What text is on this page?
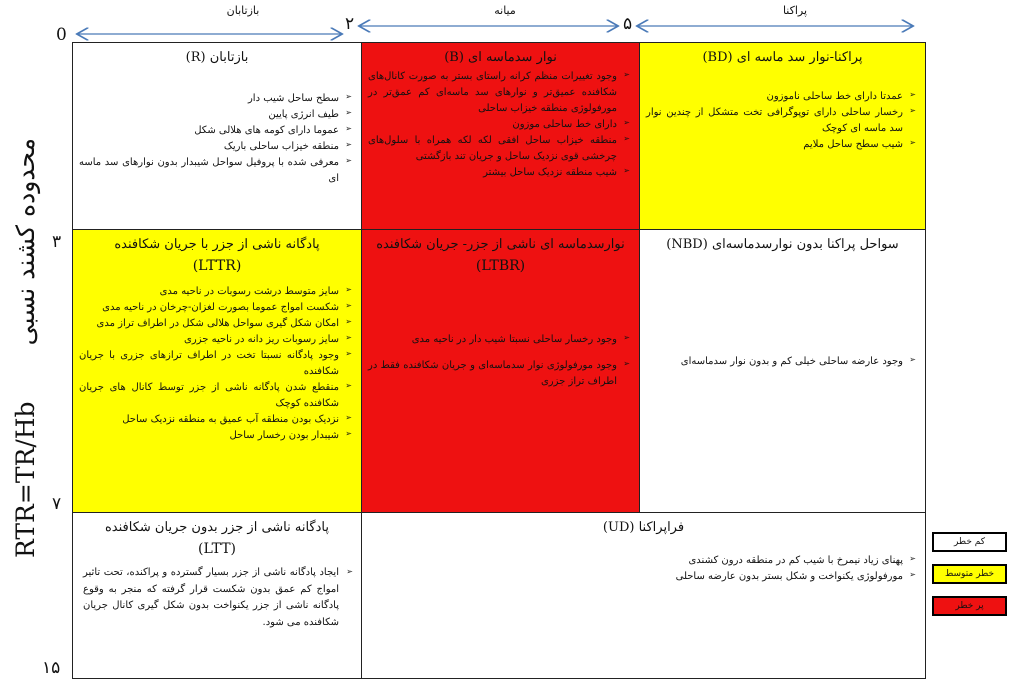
بازتابان	میانه	پراکنا
0
۲	۵
RTR=TR/Hb
محدوده کشند نسبی ۳
۷
۱۵
بازتابان (R)
➢ سطح ساحل شیب دار
➢ طیف انرژی پایین
➢ عموما دارای کومه های هلالی شکل
➢ منطقه خیزاب ساحلی باریک
➢ معرفی شده با پروفیل سواحل شیبدار بدون نوارهای سد ماسه ای
نوار سدماسه ای (B)
➢ وجود تغییرات منظم کرانه راستای بستر به صورت کانال‌های شکافنده عمیق‌تر و نوارهای سد ماسه‌ای کم عمق‌تر در مورفولوژی منطقه خیزاب ساحلی
➢ دارای خط ساحلی موزون
➢ منطقه خیزاب ساحل افقی لکه لکه همراه با سلول‌های چرخشی قوی نزدیک ساحل و جریان تند بازگشتی
➢ شیب منطقه نزدیک ساحل بیشتر
پراکنا-نوار سد ماسه ای (BD)
➢ عمدتا دارای خط ساحلی ناموزون
➢ رخسار ساحلی دارای توپوگرافی تخت متشکل از چندین نوار سد ماسه ای کوچک
➢ شیب سطح ساحل ملایم
پادگانه ناشی از جزر با جریان شکافنده
(LTTR)
➢ سایز متوسط درشت رسوبات در ناحیه مدی
➢ شکست امواج عموما بصورت لغزان-چرخان در ناحیه مدی
➢ امکان شکل گیری سواحل هلالی شکل در اطراف تراز مدی
➢ سایز رسوبات ریز دانه در ناحیه جزری
➢ وجود پادگانه نسبتا تخت در اطراف ترازهای جزری با جریان شکافنده
➢ منقطع شدن پادگانه ناشی از جزر توسط کانال های جریان شکافنده کوچک
➢ نزدیک بودن منطقه آب عمیق به منطقه نزدیک ساحل
➢ شیبدار بودن رخسار ساحل
نوارسدماسه ای ناشی از جزر- جریان شکافنده
(LTBR)
➢ وجود رخسار ساحلی نسبتا شیب دار در ناحیه مدی
➢ وجود مورفولوژی نوار سدماسه‌ای و جریان شکافنده فقط در اطراف تراز جزری
سواحل پراکنا بدون نوارسدماسه‌ای (NBD)
➢ وجود عارضه ساحلی خیلی کم و بدون نوار سدماسه‌ای
پادگانه ناشی از جزر بدون جریان شکافنده
(LTT)
➢
ایجاد پادگانه ناشی از جزر بسیار گسترده و پراکنده، تحت تاثیر امواج کم عمق بدون شکست قرار گرفته که منجر به وقوع پادگانه ناشی از جزر یکنواخت بدون شکل گیری کانال جریان شکافنده می شود.
فراپراکنا (UD)
➢ پهنای زیاد نیمرخ با شیب کم در منطقه درون کشندی
➢ مورفولوژی یکنواخت و شکل بستر بدون عارضه ساحلی
کم خطر
خطر متوسط
پر خطر
